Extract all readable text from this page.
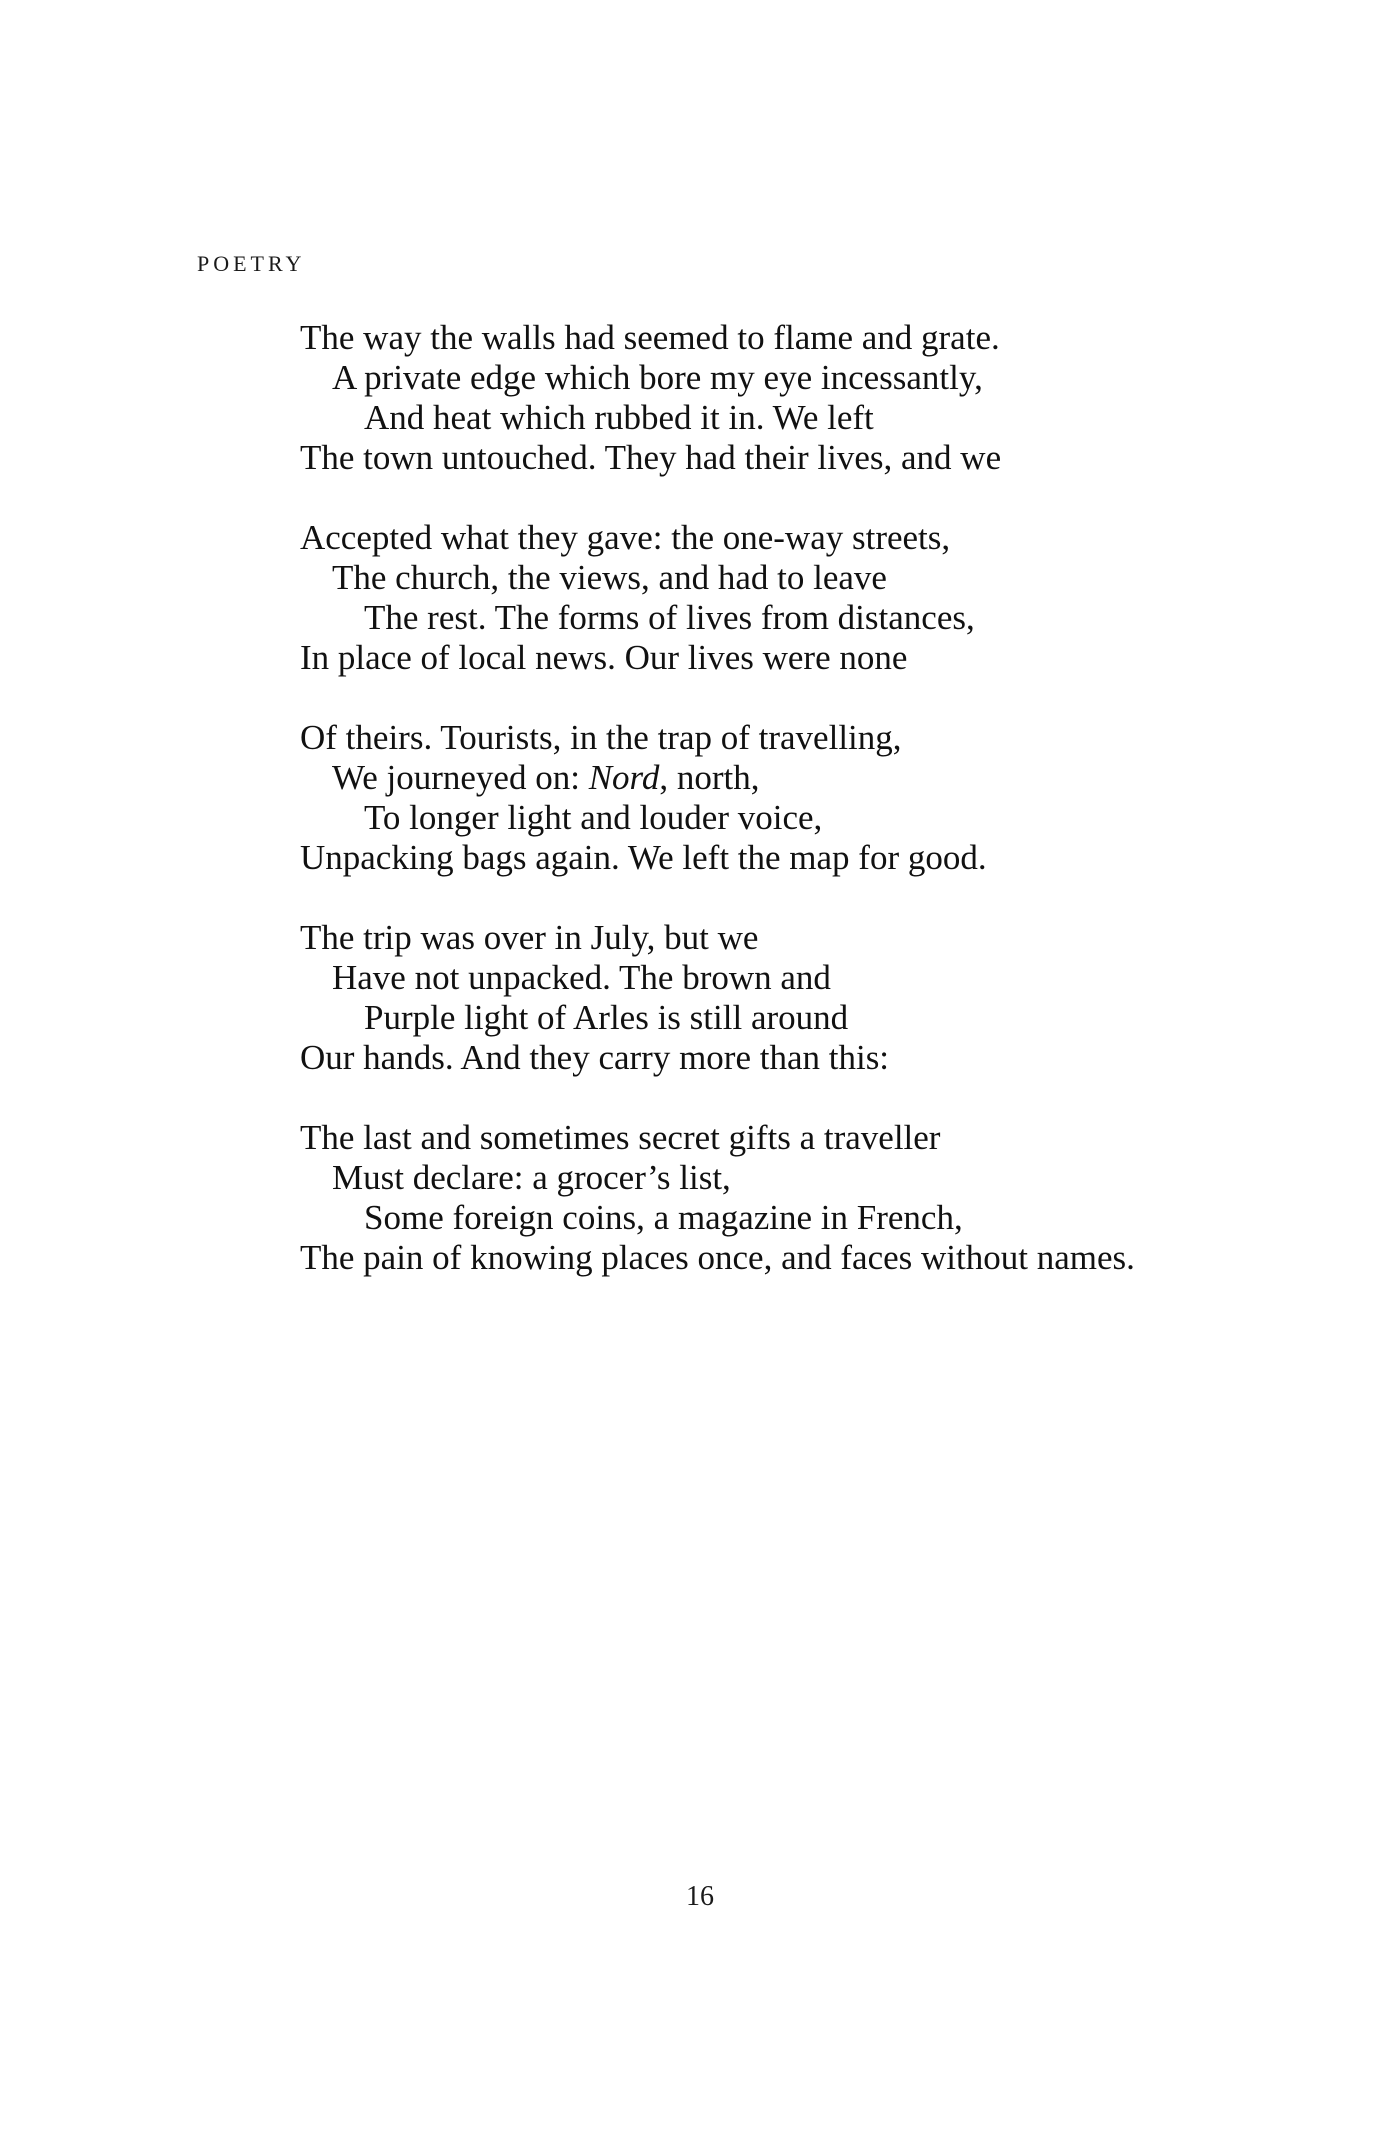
POETRY
The way the walls had seemed to flame and grate.
A private edge which bore my eye incessantly,
And heat which rubbed it in. We left
The town untouched. They had their lives, and we
Accepted what they gave: the one-way streets,
The church, the views, and had to leave
The rest. The forms of lives from distances,
In place of local news. Our lives were none
Of theirs. Tourists, in the trap of travelling,
We journeyed on: Nord, north,
To longer light and louder voice,
Unpacking bags again. We left the map for good.
The trip was over in July, but we
Have not unpacked. The brown and
Purple light of Arles is still around
Our hands. And they carry more than this:
The last and sometimes secret gifts a traveller
Must declare: a grocer’s list,
Some foreign coins, a magazine in French,
The pain of knowing places once, and faces without names.
16
